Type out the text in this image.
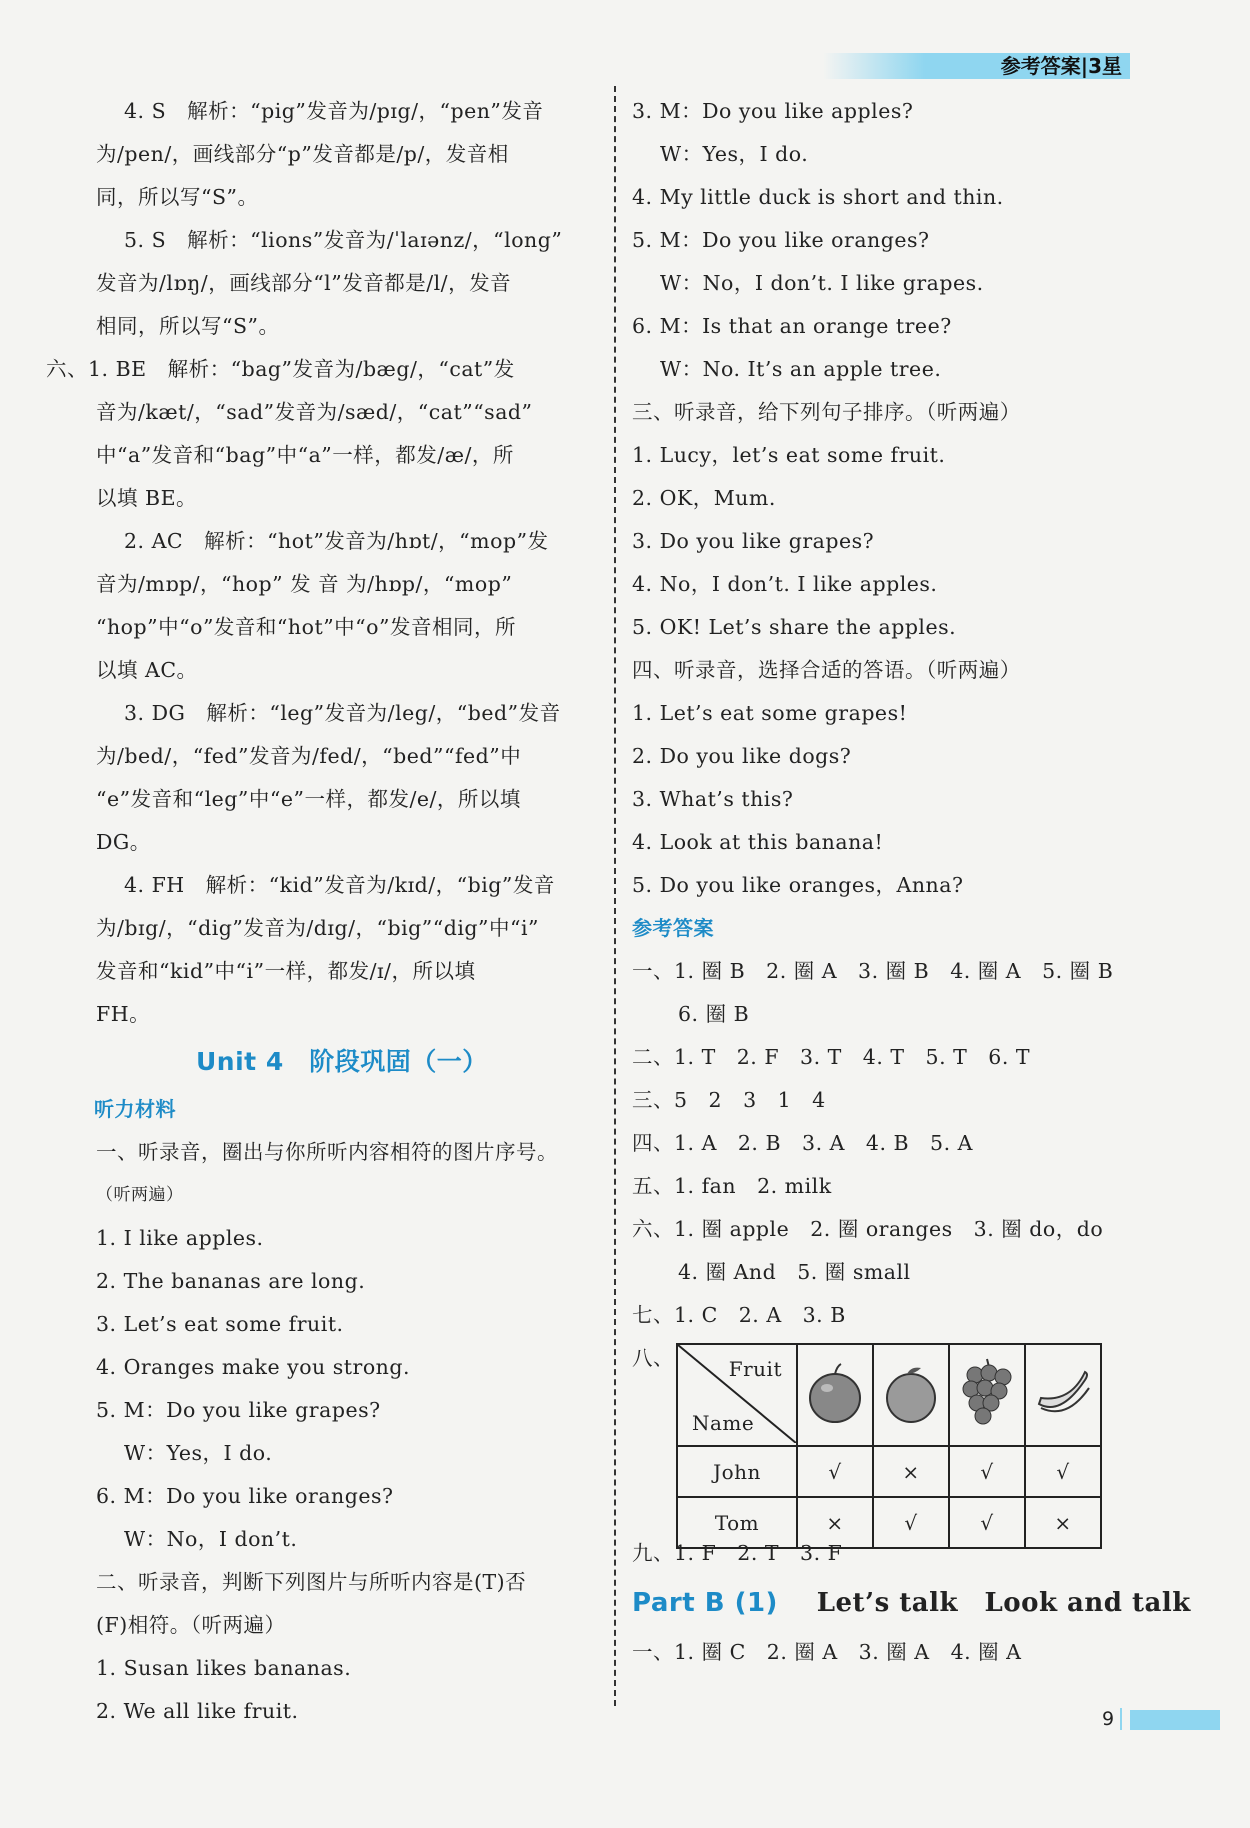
参考答案|3星
4. S　解析：“pig”发音为/pɪg/，“pen”发音
为/pen/，画线部分“p”发音都是/p/，发音相
同，所以写“S”。
5. S　解析：“lions”发音为/ˈlaɪənz/，“long”
发音为/lɒŋ/，画线部分“l”发音都是/l/，发音
相同，所以写“S”。
六、1. BE　解析：“bag”发音为/bæg/，“cat”发
音为/kæt/，“sad”发音为/sæd/，“cat”“sad”
中“a”发音和“bag”中“a”一样，都发/æ/，所
以填 BE。
2. AC　解析：“hot”发音为/hɒt/，“mop”发
音为/mɒp/，“hop” 发 音 为/hɒp/，“mop”
“hop”中“o”发音和“hot”中“o”发音相同，所
以填 AC。
3. DG　解析：“leg”发音为/leg/，“bed”发音
为/bed/，“fed”发音为/fed/，“bed”“fed”中
“e”发音和“leg”中“e”一样，都发/e/，所以填
DG。
4. FH　解析：“kid”发音为/kɪd/，“big”发音
为/bɪg/，“dig”发音为/dɪg/，“big”“dig”中“i”
发音和“kid”中“i”一样，都发/ɪ/，所以填
FH。
Unit 4　阶段巩固（一）
听力材料
一、听录音，圈出与你所听内容相符的图片序号。
（听两遍）
1. I like apples.
2. The bananas are long.
3. Let’s eat some fruit.
4. Oranges make you strong.
5. M：Do you like grapes?
W：Yes，I do.
6. M：Do you like oranges?
W：No，I don’t.
二、听录音，判断下列图片与所听内容是(T)否
(F)相符。（听两遍）
1. Susan likes bananas.
2. We all like fruit.
3. M：Do you like apples?
W：Yes，I do.
4. My little duck is short and thin.
5. M：Do you like oranges?
W：No，I don’t. I like grapes.
6. M：Is that an orange tree?
W：No. It’s an apple tree.
三、听录音，给下列句子排序。（听两遍）
1. Lucy，let’s eat some fruit.
2. OK，Mum.
3. Do you like grapes?
4. No，I don’t. I like apples.
5. OK! Let’s share the apples.
四、听录音，选择合适的答语。（听两遍）
1. Let’s eat some grapes!
2. Do you like dogs?
3. What’s this?
4. Look at this banana!
5. Do you like oranges，Anna?
参考答案
一、1. 圈 B　2. 圈 A　3. 圈 B　4. 圈 A　5. 圈 B
6. 圈 B
二、1. T　2. F　3. T　4. T　5. T　6. T
三、5　2　3　1　4
四、1. A　2. B　3. A　4. B　5. A
五、1. fan　2. milk
六、1. 圈 apple　2. 圈 oranges　3. 圈 do，do
4. 圈 And　5. 圈 small
七、1. C　2. A　3. B
八、	Fruit
Name

John	√	×	√	√
Tom	×	√	√	×
九、1. F　2. T　3. F
Part B (1) Let’s talk　Look and talk
一、1. 圈 C　2. 圈 A　3. 圈 A　4. 圈 A
9
